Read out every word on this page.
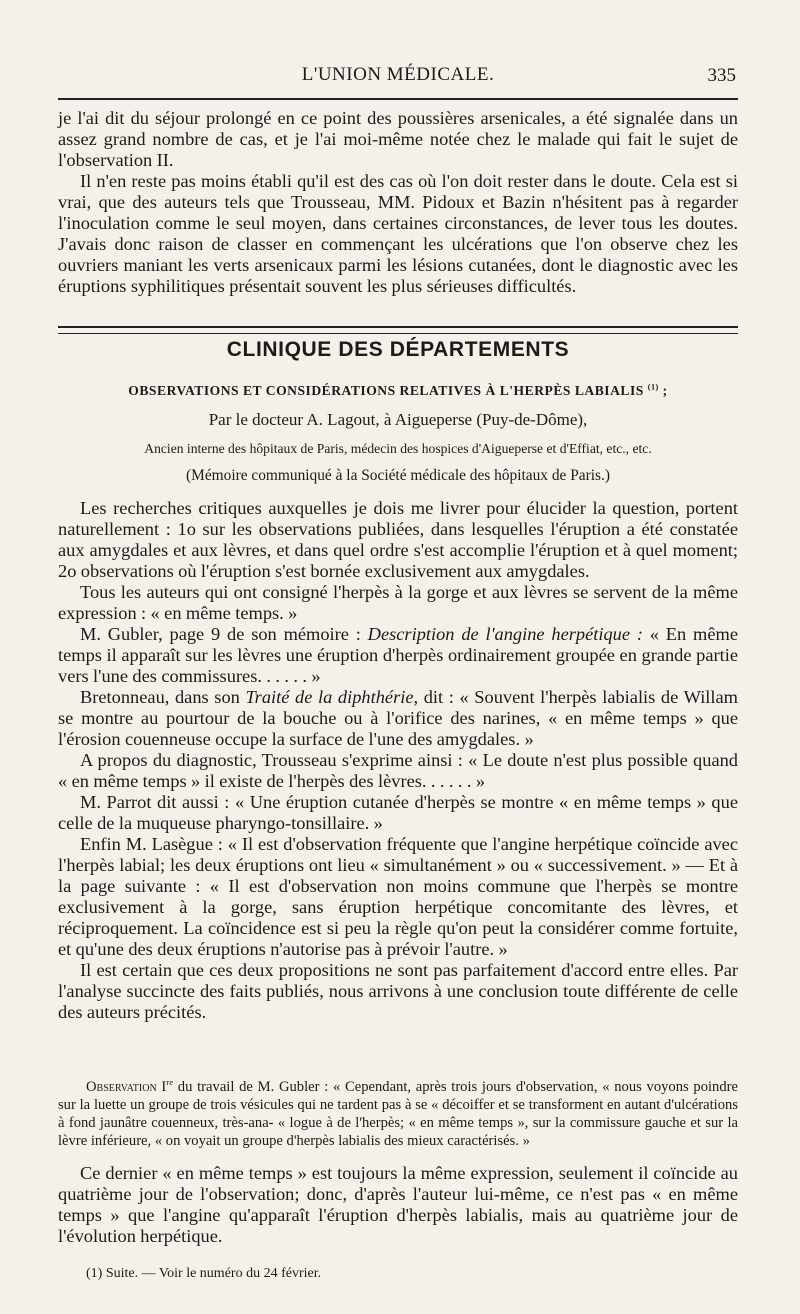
L'UNION MÉDICALE.	335

je l'ai dit du séjour prolongé en ce point des poussières arsenicales, a été signalée dans un assez grand nombre de cas, et je l'ai moi-même notée chez le malade qui fait le sujet de l'observation II.

Il n'en reste pas moins établi qu'il est des cas où l'on doit rester dans le doute. Cela est si vrai, que des auteurs tels que Trousseau, MM. Pidoux et Bazin n'hésitent pas à regarder l'inoculation comme le seul moyen, dans certaines circonstances, de lever tous les doutes. J'avais donc raison de classer en commençant les ulcérations que l'on observe chez les ouvriers maniant les verts arsenicaux parmi les lésions cutanées, dont le diagnostic avec les éruptions syphilitiques présentait souvent les plus sérieuses difficultés.

CLINIQUE DES DÉPARTEMENTS
OBSERVATIONS ET CONSIDÉRATIONS RELATIVES À L'HERPÈS LABIALIS $^{(1)}$ ;
Par le docteur A. Lagout, à Aigueperse (Puy-de-Dôme),
Ancien interne des hôpitaux de Paris, médecin des hospices d'Aigueperse et d'Effiat, etc., etc.
(Mémoire communiqué à la Société médicale des hôpitaux de Paris.)

Les recherches critiques auxquelles je dois me livrer pour élucider la question, portent naturellement : 1o sur les observations publiées, dans lesquelles l'éruption a été constatée aux amygdales et aux lèvres, et dans quel ordre s'est accomplie l'éruption et à quel moment; 2o observations où l'éruption s'est bornée exclusivement aux amygdales.

Tous les auteurs qui ont consigné l'herpès à la gorge et aux lèvres se servent de la même expression : « en même temps. »

M. Gubler, page 9 de son mémoire : Description de l'angine herpétique : « En même temps il apparaît sur les lèvres une éruption d'herpès ordinairement groupée en grande partie vers l'une des commissures. . . . . . »

Bretonneau, dans son Traité de la diphthérie, dit : « Souvent l'herpès labialis de Willam se montre au pourtour de la bouche ou à l'orifice des narines, « en même temps » que l'érosion couenneuse occupe la surface de l'une des amygdales. »

A propos du diagnostic, Trousseau s'exprime ainsi : « Le doute n'est plus possible quand « en même temps » il existe de l'herpès des lèvres. . . . . . »

M. Parrot dit aussi : « Une éruption cutanée d'herpès se montre « en même temps » que celle de la muqueuse pharyngo-tonsillaire. »

Enfin M. Lasègue : « Il est d'observation fréquente que l'angine herpétique coïncide avec l'herpès labial; les deux éruptions ont lieu « simultanément » ou « successivement. » — Et à la page suivante : « Il est d'observation non moins commune que l'herpès se montre exclusivement à la gorge, sans éruption herpétique concomitante des lèvres, et réciproquement. La coïncidence est si peu la règle qu'on peut la considérer comme fortuite, et qu'une des deux éruptions n'autorise pas à prévoir l'autre. »

Il est certain que ces deux propositions ne sont pas parfaitement d'accord entre elles. Par l'analyse succincte des faits publiés, nous arrivons à une conclusion toute différente de celle des auteurs précités.

Observation Ire du travail de M. Gubler : « Cependant, après trois jours d'observation, « nous voyons poindre sur la luette un groupe de trois vésicules qui ne tardent pas à se « décoiffer et se transforment en autant d'ulcérations à fond jaunâtre couenneux, très-ana- « logue à de l'herpès; « en même temps », sur la commissure gauche et sur la lèvre inférieure, « on voyait un groupe d'herpès labialis des mieux caractérisés. »

Ce dernier « en même temps » est toujours la même expression, seulement il coïncide au quatrième jour de l'observation; donc, d'après l'auteur lui-même, ce n'est pas « en même temps » que l'angine qu'apparaît l'éruption d'herpès labialis, mais au quatrième jour de l'évolution herpétique.

(1) Suite. — Voir le numéro du 24 février.
